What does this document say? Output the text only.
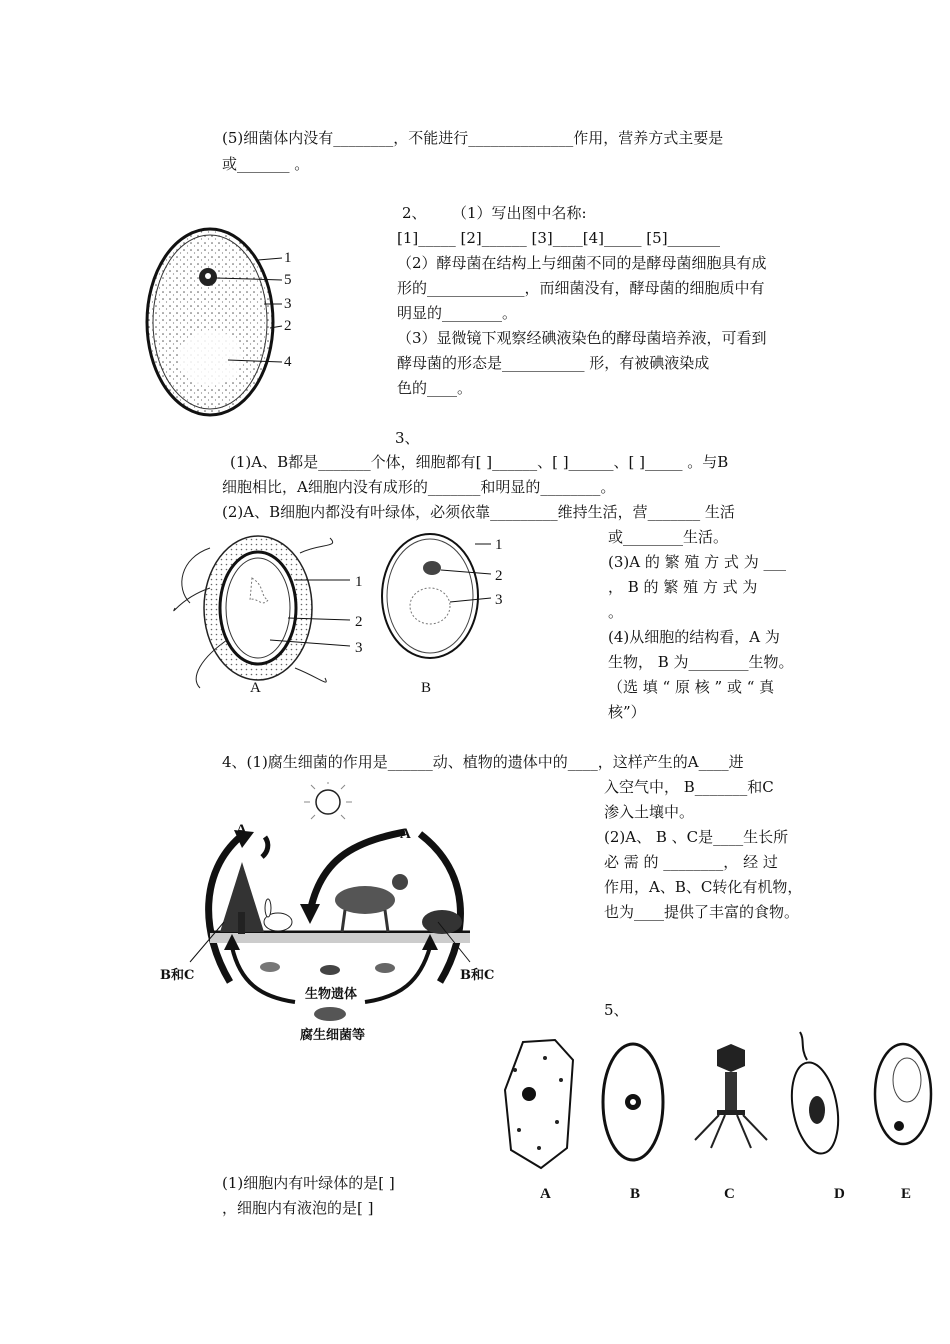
(5)细菌体内没有________，不能进行______________作用，营养方式主要是
或_______ 。
1
5
3
2
4
2、 （1）写出图中名称:
[1]_____ [2]______ [3]____[4]_____ [5]_______
（2）酵母菌在结构上与细菌不同的是酵母菌细胞具有成
形的_____________，而细菌没有，酵母菌的细胞质中有
明显的________。
（3）显微镜下观察经碘液染色的酵母菌培养液，可看到
酵母菌的形态是___________ 形，有被碘液染成
色的____。
3、
(1)A、B都是_______个体，细胞都有[ ]______、[ ]______、[ ]_____ 。与B
细胞相比，A细胞内没有成形的_______和明显的________。
(2)A、B细胞内都没有叶绿体，必须依靠_________维持生活，营_______ 生活
或________生活。
1
2
3
A
1
2
3
B
(3)A 的 繁 殖 方 式 为 ___
， B 的 繁 殖 方 式 为
。
(4)从细胞的结构看，A 为
生物， B 为________生物。
（选 填 “ 原 核 ” 或 “ 真
核”）
4、(1)腐生细菌的作用是______动、植物的遗体中的____，这样产生的A____进
入空气中， B_______和C
渗入土壤中。
(2)A、 B 、C是____生长所
必 需 的 ________， 经 过
作用，A、B、C转化有机物，
也为____提供了丰富的食物。
A	A
B和C	B和C
生物遗体
腐生细菌等
5、
A	B	C	D	E
(1)细胞内有叶绿体的是[ ]
，细胞内有液泡的是[ ]
